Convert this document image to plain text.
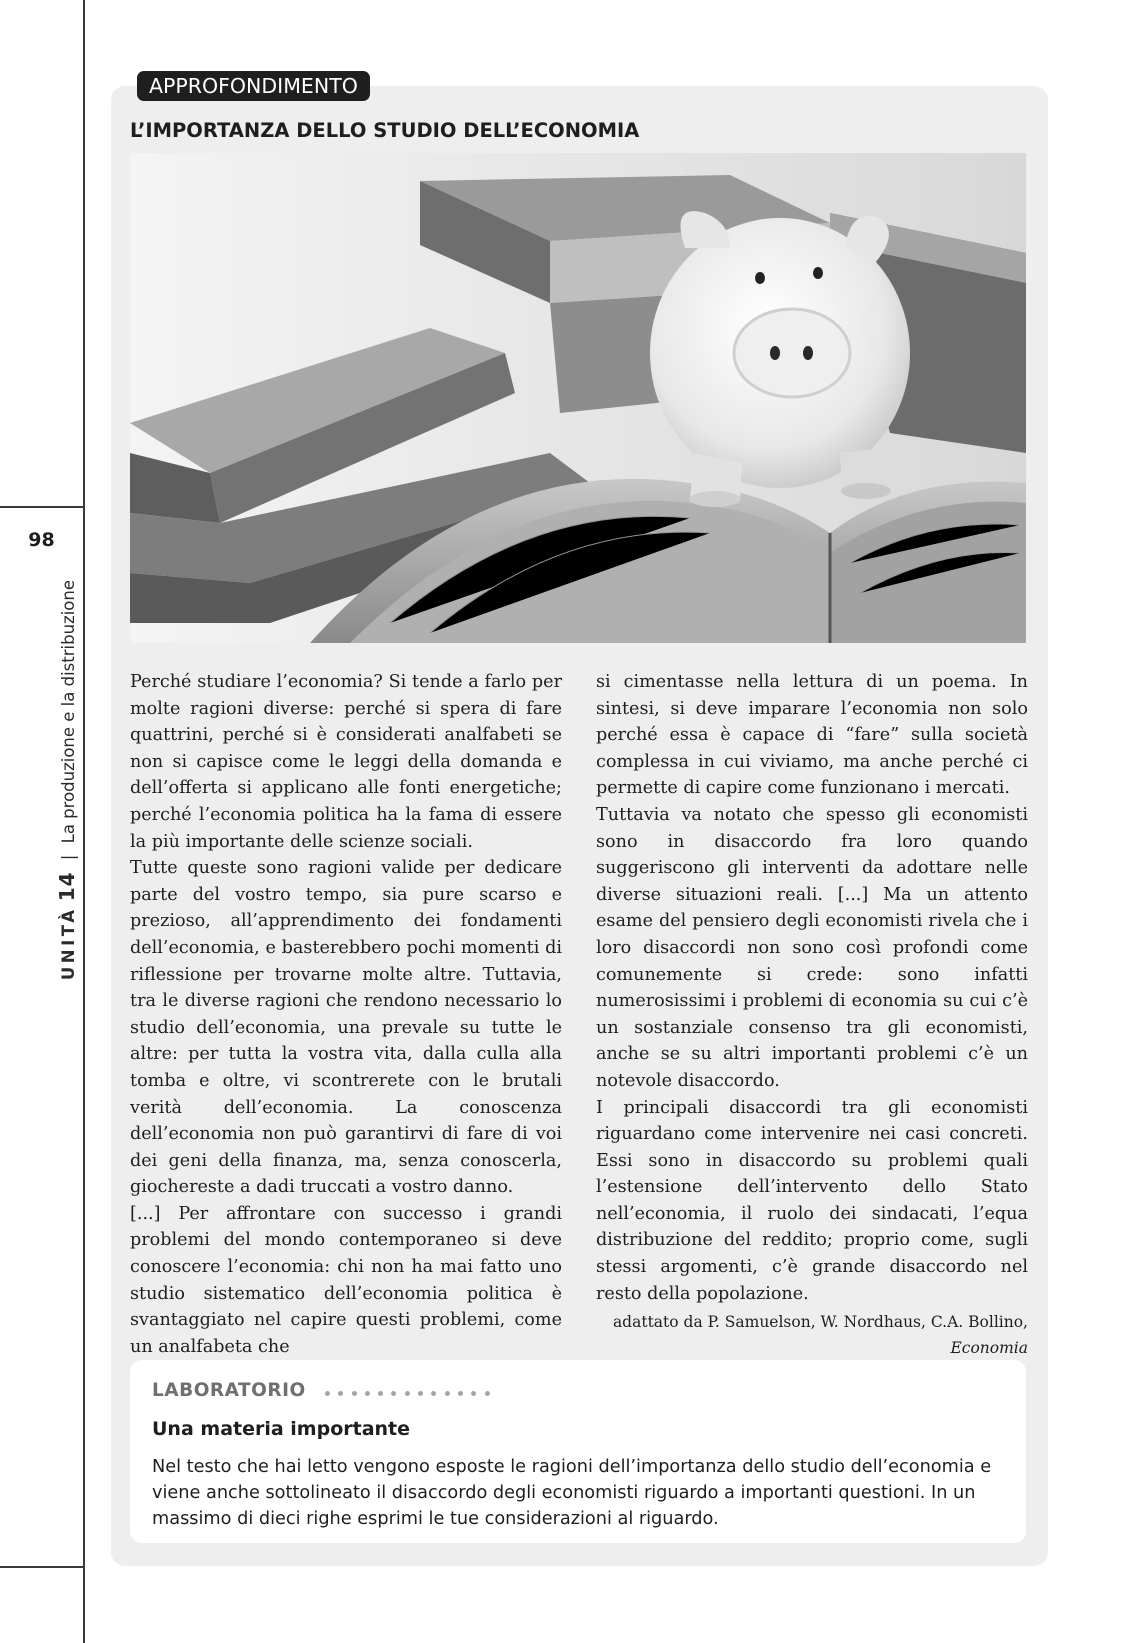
98
UNITÀ 14 | La produzione e la distribuzione
APPROFONDIMENTO
L’IMPORTANZA DELLO STUDIO DELL’ECONOMIA

Perché studiare l’economia? Si tende a farlo per molte ragioni diverse: perché si spera di fare quattrini, perché si è considerati analfabeti se non si capisce come le leggi della domanda e dell’offerta si applicano alle fonti energetiche; perché l’economia politica ha la fama di essere la più importante delle scienze sociali.

Tutte queste sono ragioni valide per dedicare parte del vostro tempo, sia pure scarso e prezioso, all’apprendimento dei fondamenti dell’economia, e basterebbero pochi momenti di riflessione per trovarne molte altre. Tuttavia, tra le diverse ragioni che rendono necessario lo studio dell’economia, una prevale su tutte le altre: per tutta la vostra vita, dalla culla alla tomba e oltre, vi scontrerete con le brutali verità dell’economia. La conoscenza dell’economia non può garantirvi di fare di voi dei geni della finanza, ma, senza conoscerla, giochereste a dadi truccati a vostro danno.

[...] Per affrontare con successo i grandi problemi del mondo contemporaneo si deve conoscere l’economia: chi non ha mai fatto uno studio sistematico dell’economia politica è svantaggiato nel capire questi problemi, come un analfabeta che

si cimentasse nella lettura di un poema. In sintesi, si deve imparare l’economia non solo perché essa è capace di “fare” sulla società complessa in cui viviamo, ma anche perché ci permette di capire come funzionano i mercati.

Tuttavia va notato che spesso gli economisti sono in disaccordo fra loro quando suggeriscono gli interventi da adottare nelle diverse situazioni reali. [...] Ma un attento esame del pensiero degli economisti rivela che i loro disaccordi non sono così profondi come comunemente si crede: sono infatti numerosissimi i problemi di economia su cui c’è un sostanziale consenso tra gli economisti, anche se su altri importanti problemi c’è un notevole disaccordo.

I principali disaccordi tra gli economisti riguardano come intervenire nei casi concreti. Essi sono in disaccordo su problemi quali l’estensione dell’intervento dello Stato nell’economia, il ruolo dei sindacati, l’equa distribuzione del reddito; proprio come, sugli stessi argomenti, c’è grande disaccordo nel resto della popolazione.

adattato da P. Samuelson, W. Nordhaus, C.A. Bollino,
Economia
LABORATORIO
Una materia importante
Nel testo che hai letto vengono esposte le ragioni dell’importanza dello studio dell’economia e viene anche sottolineato il disaccordo degli economisti riguardo a importanti questioni. In un massimo di dieci righe esprimi le tue considerazioni al riguardo.
